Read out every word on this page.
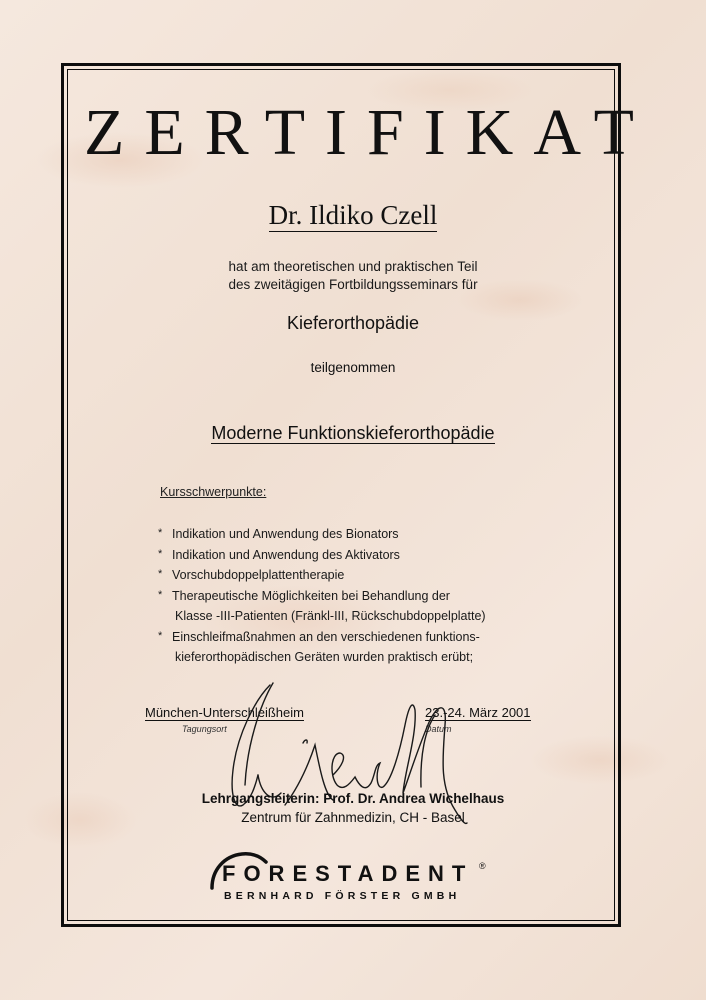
ZERTIFIKAT
Dr. Ildiko Czell
hat am theoretischen und praktischen Teil
des zweitägigen Fortbildungsseminars für
Kieferorthopädie
teilgenommen
Moderne Funktionskieferorthopädie
Kursschwerpunkte:
* Indikation und Anwendung des Bionators
* Indikation und Anwendung des Aktivators
* Vorschubdoppelplattentherapie
* Therapeutische Möglichkeiten bei Behandlung der
Klasse -III-Patienten (Fränkl-III, Rückschubdoppelplatte)
* Einschleifmaßnahmen an den verschiedenen funktions-
kieferorthopädischen Geräten wurden praktisch erübt;
München-Unterschleißheim
Tagungsort
23.-24. März 2001
Datum
Lehrgangsleiterin: Prof. Dr. Andrea Wichelhaus
Zentrum für Zahnmedizin, CH - Basel
FORESTADENT ®
BERNHARD FÖRSTER GMBH
